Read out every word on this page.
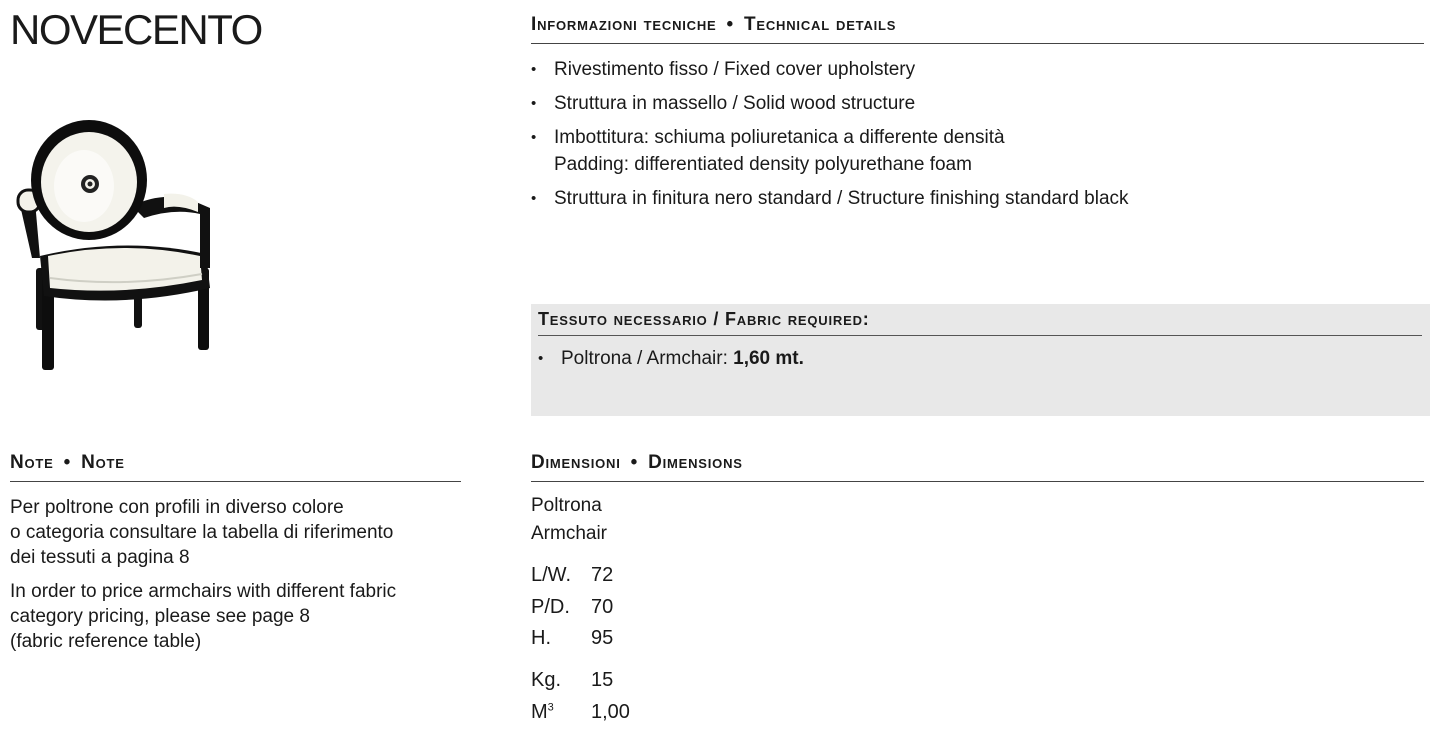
NOVECENTO	Informazioni tecniche • Technical details
• Rivestimento fisso / Fixed cover upholstery
• Struttura in massello / Solid wood structure
• Imbottitura: schiuma poliuretanica a differente densità
Padding: differentiated density polyurethane foam
• Struttura in finitura nero standard / Structure finishing standard black
Tessuto necessario / Fabric required:
• Poltrona / Armchair: 1,60 mt.
Note • Note
Per poltrone con profili in diverso colore
o categoria consultare la tabella di riferimento
dei tessuti a pagina 8
In order to price armchairs with different fabric
category pricing, please see page 8
(fabric reference table)
Dimensioni • Dimensions
Poltrona
Armchair
L/W. 72
P/D. 70
H. 95
Kg. 15
$M^3$ 1,00
